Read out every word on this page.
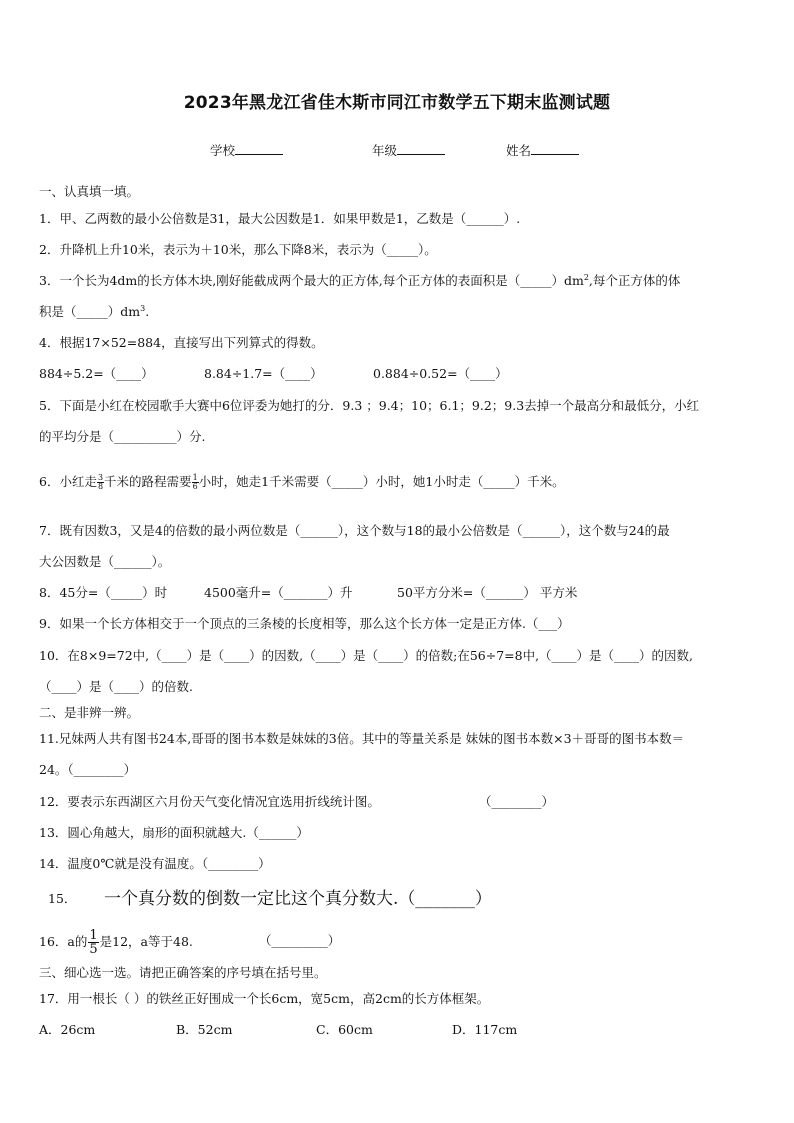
2023年黑龙江省佳木斯市同江市数学五下期末监测试题
学校	年级	姓名
一、认真填一填。
1．甲、乙两数的最小公倍数是31，最大公因数是1．如果甲数是1，乙数是（______）.
2．升降机上升10米，表示为＋10米，那么下降8米，表示为（_____）。
3．一个长为4dm的长方体木块,刚好能截成两个最大的正方体,每个正方体的表面积是$(\_\_\_\_\_)dm^2$,每个正方体的体
积是$(\_\_\_\_\_)dm^3$.
4．根据17×52=884，直接写出下列算式的得数。
884÷5.2=（____）	8.84÷1.7=（____）	0.884÷0.52=（____）
5．下面是小红在校园歌手大赛中6位评委为她打的分．9.3 ；9.4；10；6.1；9.2；9.3去掉一个最高分和最低分，小红
的平均分是（__________）分.
6．小红走 $\frac{3}{8}$ 千米的路程需要 $\frac{1}{6}$ 小时，她走1千米需要（_____）小时，她1小时走（_____）千米。
7．既有因数3，又是4的倍数的最小两位数是（______），这个数与18的最小公倍数是（______），这个数与24的最
大公因数是（______）。
8．45分=（_____）时	4500毫升=（_______）升	50平方分米=（______） 平方米
9．如果一个长方体相交于一个顶点的三条棱的长度相等，那么这个长方体一定是正方体.（___）
10．在8×9=72中,（____）是（____）的因数,（____）是（____）的倍数;在56÷7=8中,（____）是（____）的因数,
（____）是（____）的倍数.
二、是非辨一辨。
11.兄妹两人共有图书24本,哥哥的图书本数是妹妹的3倍。其中的等量关系是 妹妹的图书本数×3＋哥哥的图书本数＝
24。（________）
12．要表示东西湖区六月份天气变化情况宜选用折线统计图。	（________）
13．圆心角越大，扇形的面积就越大.（______）
14．温度0℃就是没有温度。（________）
15． 一个真分数的倒数一定比这个真分数大.（_______）
16．a的 $\frac{1}{5}$ 是12，a等于48.	（_________）
三、细心选一选。请把正确答案的序号填在括号里。
17．用一根长（ ）的铁丝正好围成一个长6cm，宽5cm，高2cm的长方体框架。
A．26cm	B．52cm	C．60cm	D．117cm
